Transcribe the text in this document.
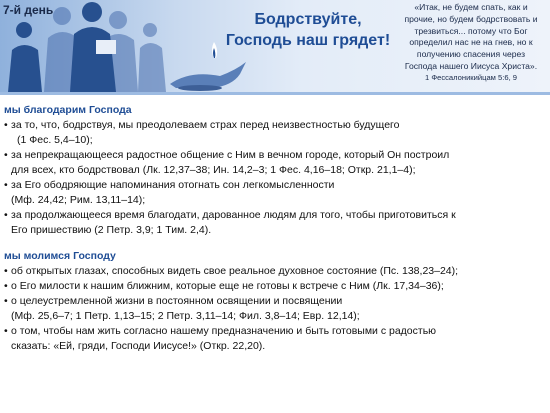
7-й день
Бодрствуйте,
Господь наш грядет!
«Итак, не будем спать, как и
прочие, но будем бодрствовать и
трезвиться... потому что Бог
определил нас не на гнев, но к
получению спасения через
Господа нашего Иисуса Христа».
1 Фессалоникийцам 5:6, 9
мы благодарим Господа
• за то, что, бодрствуя, мы преодолеваем страх перед неизвестностью будущего
(1 Фес. 5,4–10);
• за непрекращающееся радостное общение с Ним в вечном городе, который Он построил
для всех, кто бодрствовал (Лк. 12,37–38; Ин. 14,2–3; 1 Фес. 4,16–18; Откр. 21,1–4);
• за Его ободряющие напоминания отогнать сон легкомысленности
(Мф. 24,42; Рим. 13,11–14);
• за продолжающееся время благодати, дарованное людям для того, чтобы приготовиться к
Его пришествию (2 Петр. 3,9; 1 Тим. 2,4).
мы молимся Господу
• об открытых глазах, способных видеть свое реальное духовное состояние (Пс. 138,23–24);
• о Его милости к нашим ближним, которые еще не готовы к встрече с Ним (Лк. 17,34–36);
• о целеустремленной жизни в постоянном освящении и посвящении
(Мф. 25,6–7; 1 Петр. 1,13–15; 2 Петр. 3,11–14; Фил. 3,8–14; Евр. 12,14);
• о том, чтобы нам жить согласно нашему предназначению и быть готовыми с радостью
сказать: «Ей, гряди, Господи Иисусе!» (Откр. 22,20).
